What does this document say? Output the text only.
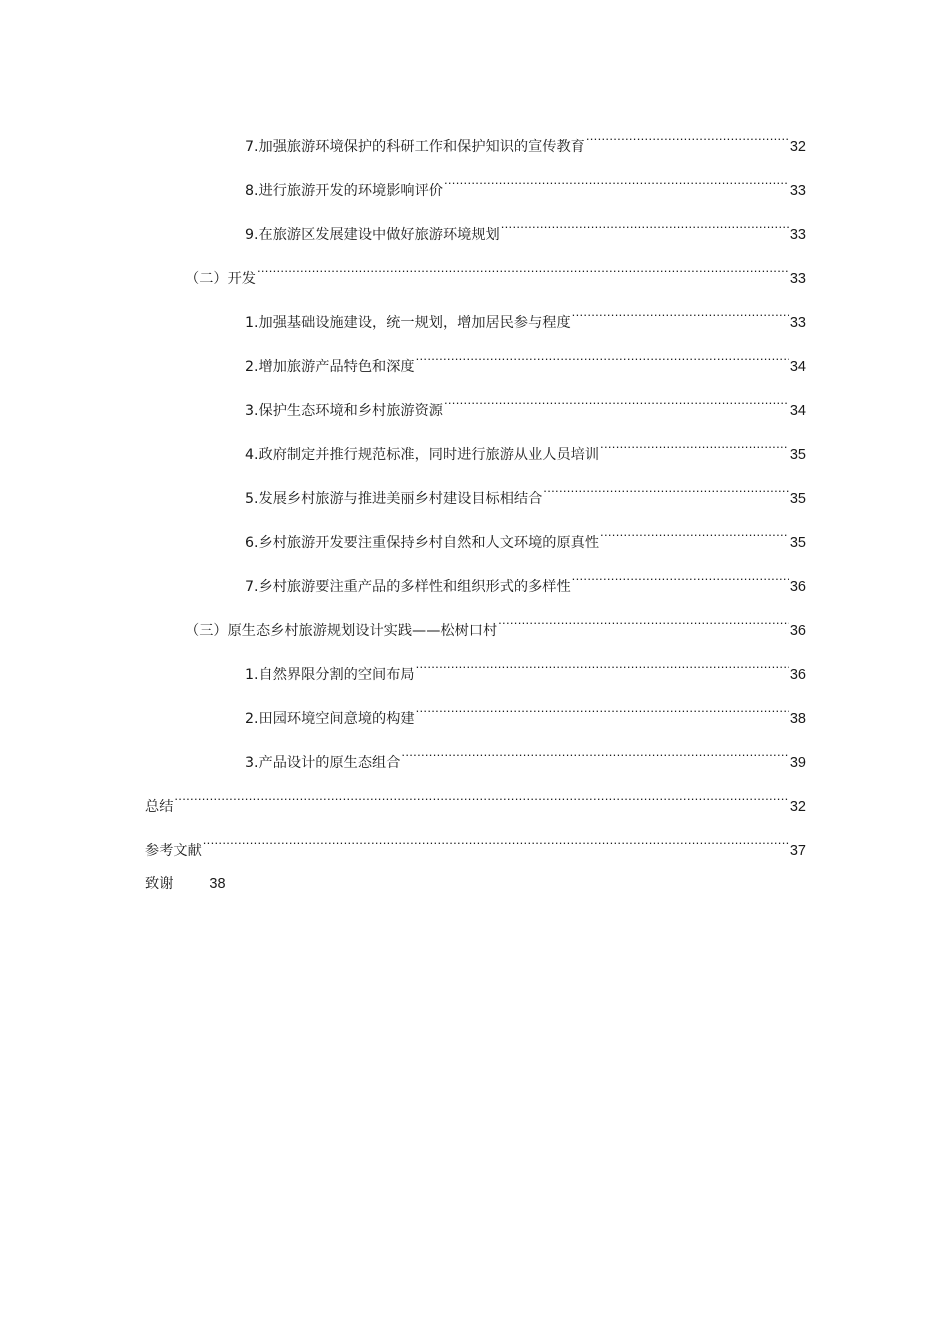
7.加强旅游环境保护的科研工作和保护知识的宣传教育 .....	32
8.进行旅游开发的环境影响评价 .....	33
9.在旅游区发展建设中做好旅游环境规划 .....	33
（二）开发 .....	33
1.加强基础设施建设，统一规划，增加居民参与程度 .....	33
2.增加旅游产品特色和深度 .....	34
3.保护生态环境和乡村旅游资源 .....	34
4.政府制定并推行规范标准，同时进行旅游从业人员培训 .....	35
5.发展乡村旅游与推进美丽乡村建设目标相结合 .....	35
6.乡村旅游开发要注重保持乡村自然和人文环境的原真性 .....	35
7.乡村旅游要注重产品的多样性和组织形式的多样性 .....	36
（三）原生态乡村旅游规划设计实践——松树口村 .....	36
1.自然界限分割的空间布局 .....	36
2.田园环境空间意境的构建 .....	38
3.产品设计的原生态组合 .....	39
总结 .....	32
参考文献 .....	37
致谢 38
